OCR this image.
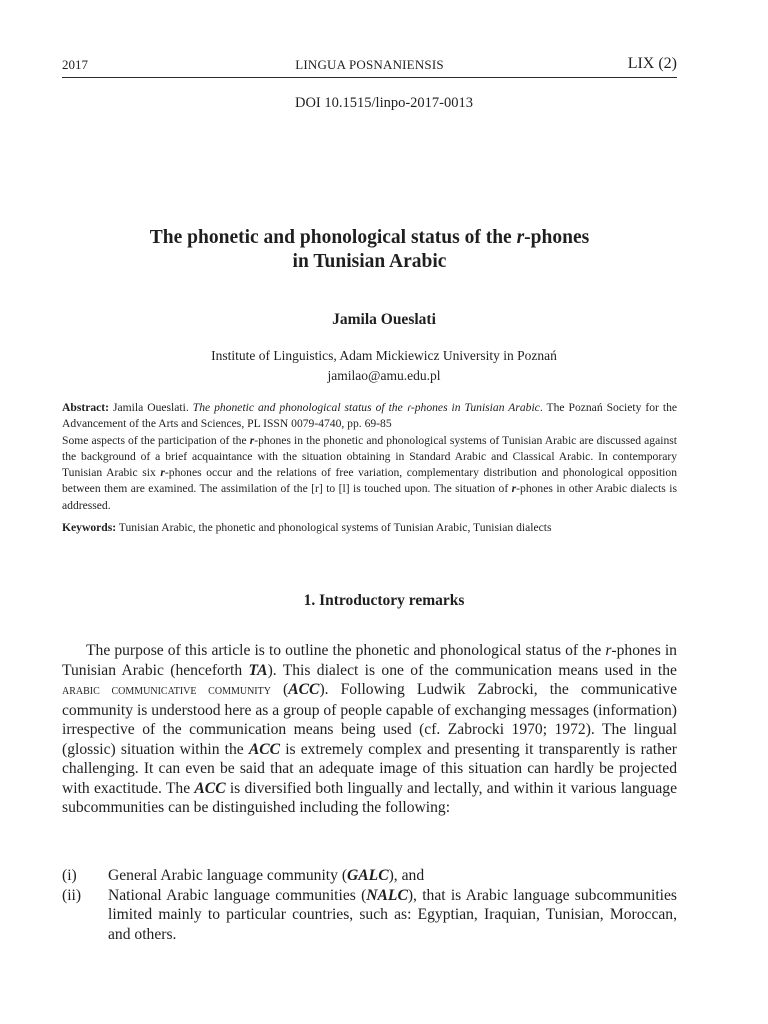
2017	LINGUA POSNANIENSIS	LIX (2)
DOI 10.1515/linpo-2017-0013
The phonetic and phonological status of the r-phones
in Tunisian Arabic
Jamila Oueslati
Institute of Linguistics, Adam Mickiewicz University in Poznań
jamilao@amu.edu.pl
Abstract: Jamila Oueslati. The phonetic and phonological status of the ɾ-phones in Tunisian Arabic. The Poznań Society for the Advancement of the Arts and Sciences, PL ISSN 0079-4740, pp. 69-85
Some aspects of the participation of the r-phones in the phonetic and phonological systems of Tunisian Arabic are discussed against the background of a brief acquaintance with the situation obtaining in Standard Arabic and Classical Arabic. In contemporary Tunisian Arabic six r-phones occur and the relations of free variation, complementary distribution and phonological opposition between them are examined. The assimilation of the [r] to [l] is touched upon. The situation of r-phones in other Arabic dialects is addressed.
Keywords: Tunisian Arabic, the phonetic and phonological systems of Tunisian Arabic, Tunisian dialects
1. Introductory remarks
The purpose of this article is to outline the phonetic and phonological status of the r-phones in Tunisian Arabic (henceforth TA). This dialect is one of the communication means used in the arabic communicative community (ACC). Following Ludwik Zabrocki, the communicative community is understood here as a group of people capable of exchanging messages (information) irrespective of the communication means being used (cf. Zabrocki 1970; 1972). The lingual (glossic) situation within the ACC is extremely complex and presenting it transparently is rather challenging. It can even be said that an adequate image of this situation can hardly be projected with exactitude. The ACC is diversified both lingually and lectally, and within it various language subcommunities can be distinguished including the following:
(i)	General Arabic language community (GALC), and
(ii)	National Arabic language communities (NALC), that is Arabic language subcommunities limited mainly to particular countries, such as: Egyptian, Iraquian, Tunisian, Moroccan, and others.
